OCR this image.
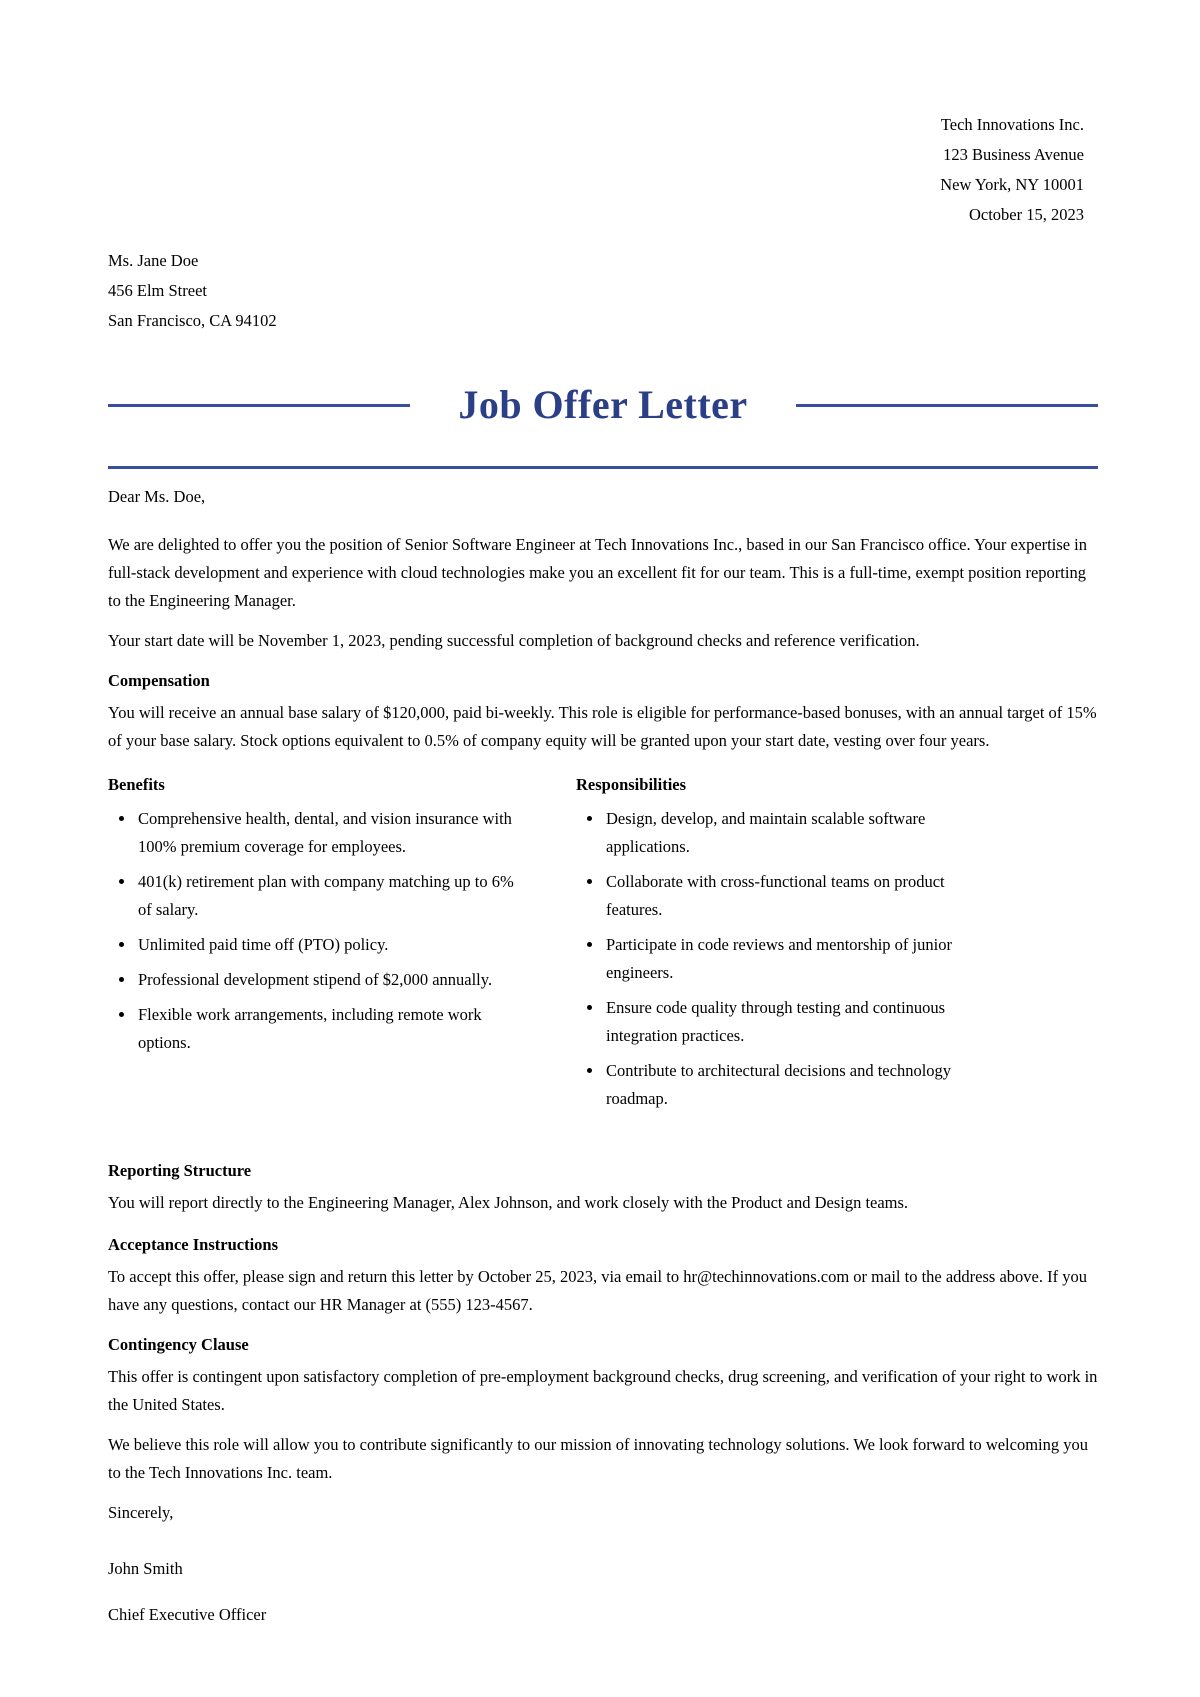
Tech Innovations Inc.
123 Business Avenue
New York, NY 10001
October 15, 2023
Ms. Jane Doe
456 Elm Street
San Francisco, CA 94102
Job Offer Letter

Dear Ms. Doe,

We are delighted to offer you the position of Senior Software Engineer at Tech Innovations Inc., based in our San Francisco office. Your expertise in full-stack development and experience with cloud technologies make you an excellent fit for our team. This is a full-time, exempt position reporting to the Engineering Manager.

Your start date will be November 1, 2023, pending successful completion of background checks and reference verification.

Compensation

You will receive an annual base salary of $120,000, paid bi-weekly. This role is eligible for performance-based bonuses, with an annual target of 15% of your base salary. Stock options equivalent to 0.5% of company equity will be granted upon your start date, vesting over four years.

Benefits
• Comprehensive health, dental, and vision insurance with 100% premium coverage for employees.
• 401(k) retirement plan with company matching up to 6% of salary.
• Unlimited paid time off (PTO) policy.
• Professional development stipend of $2,000 annually.
• Flexible work arrangements, including remote work options.
Responsibilities
• Design, develop, and maintain scalable software applications.
• Collaborate with cross-functional teams on product features.
• Participate in code reviews and mentorship of junior engineers.
• Ensure code quality through testing and continuous integration practices.
• Contribute to architectural decisions and technology roadmap.
Reporting Structure

You will report directly to the Engineering Manager, Alex Johnson, and work closely with the Product and Design teams.

Acceptance Instructions

To accept this offer, please sign and return this letter by October 25, 2023, via email to hr@techinnovations.com or mail to the address above. If you have any questions, contact our HR Manager at (555) 123-4567.

Contingency Clause

This offer is contingent upon satisfactory completion of pre-employment background checks, drug screening, and verification of your right to work in the United States.

We believe this role will allow you to contribute significantly to our mission of innovating technology solutions. We look forward to welcoming you to the Tech Innovations Inc. team.

Sincerely,

John Smith

Chief Executive Officer
